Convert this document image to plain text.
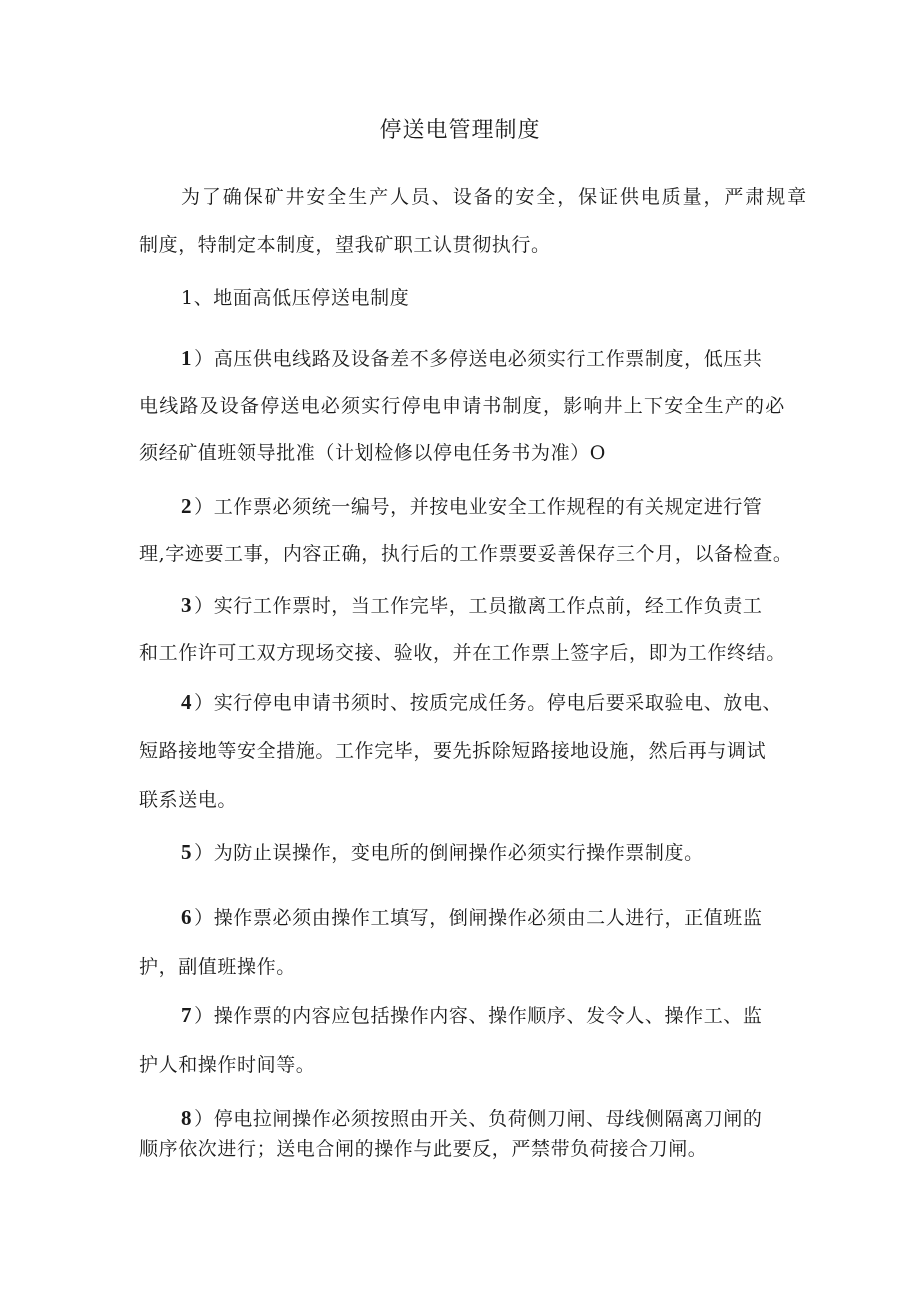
停送电管理制度
为了确保矿井安全生产人员、设备的安全，保证供电质量，严肃规章
制度，特制定本制度，望我矿职工认贯彻执行。
1、地面高低压停送电制度
1 ）高压供电线路及设备差不多停送电必须实行工作票制度，低压共
电线路及设备停送电必须实行停电申请书制度，影响井上下安全生产的必
须经矿值班领导批准（计划检修以停电任务书为准）O
2 ）工作票必须统一编号，并按电业安全工作规程的有关规定进行管
理,字迹要工事，内容正确，执行后的工作票要妥善保存三个月，以备检查。
3 ）实行工作票时，当工作完毕，工员撤离工作点前，经工作负责工
和工作许可工双方现场交接、验收，并在工作票上签字后，即为工作终结。
4 ）实行停电申请书须时、按质完成任务。停电后要采取验电、放电、
短路接地等安全措施。工作完毕，要先拆除短路接地设施，然后再与调试
联系送电。
5 ）为防止误操作，变电所的倒闸操作必须实行操作票制度。
6 ）操作票必须由操作工填写，倒闸操作必须由二人进行，正值班监
护，副值班操作。
7 ）操作票的内容应包括操作内容、操作顺序、发令人、操作工、监
护人和操作时间等。
8 ）停电拉闸操作必须按照由开关、负荷侧刀闸、母线侧隔离刀闸的
顺序依次进行；送电合闸的操作与此要反，严禁带负荷接合刀闸。
